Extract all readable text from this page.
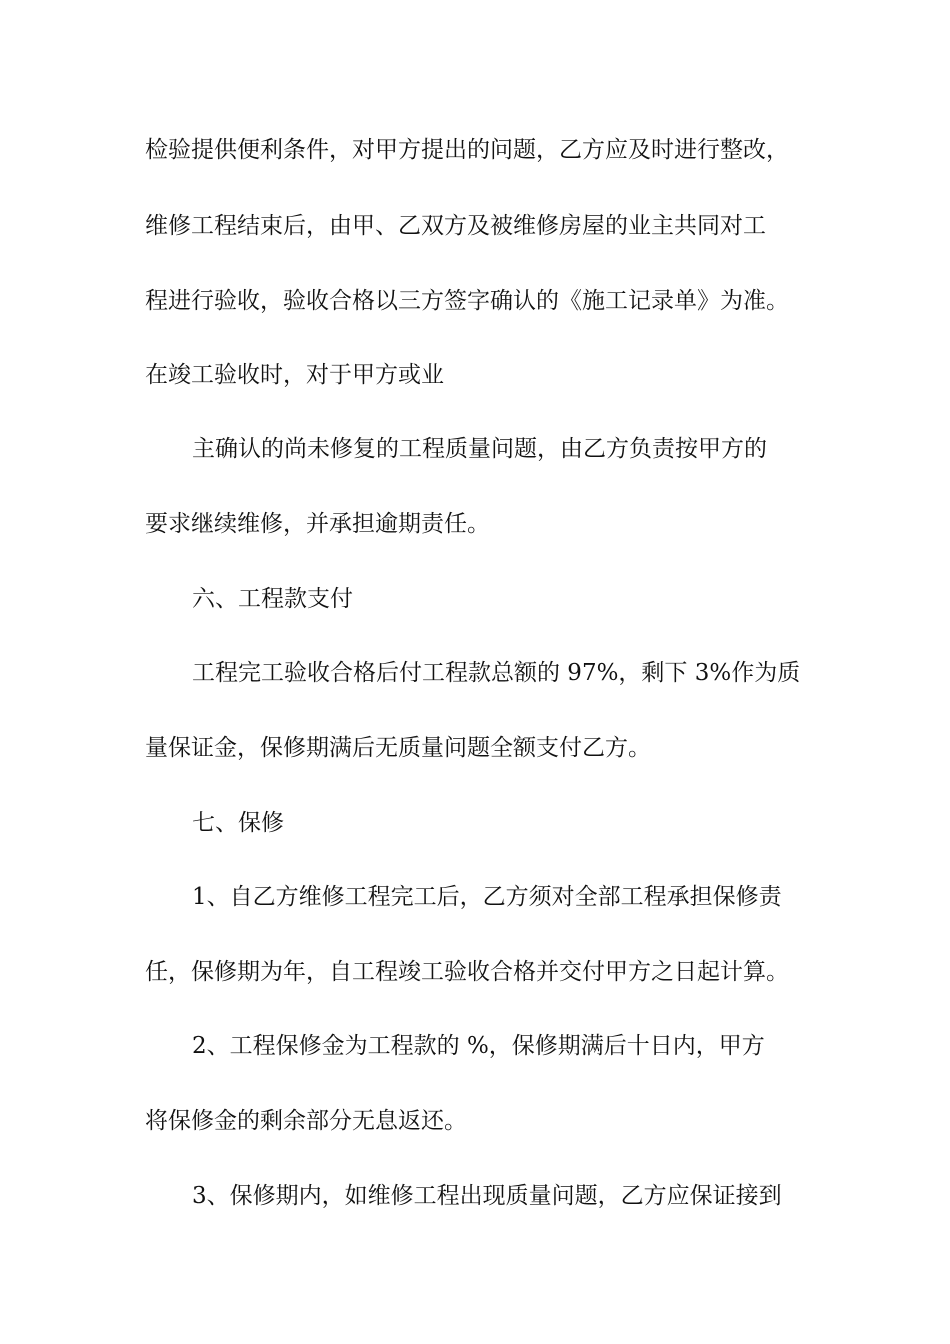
检验提供便利条件，对甲方提出的问题，乙方应及时进行整改，
维修工程结束后，由甲、乙双方及被维修房屋的业主共同对工
程进行验收，验收合格以三方签字确认的《施工记录单》为准。
在竣工验收时，对于甲方或业
主确认的尚未修复的工程质量问题，由乙方负责按甲方的
要求继续维修，并承担逾期责任。
六、工程款支付
工程完工验收合格后付工程款总额的 97%，剩下 3%作为质
量保证金，保修期满后无质量问题全额支付乙方。
七、保修
1、自乙方维修工程完工后，乙方须对全部工程承担保修责
任，保修期为年，自工程竣工验收合格并交付甲方之日起计算。
2、工程保修金为工程款的 %，保修期满后十日内，甲方
将保修金的剩余部分无息返还。
3、保修期内，如维修工程出现质量问题，乙方应保证接到
